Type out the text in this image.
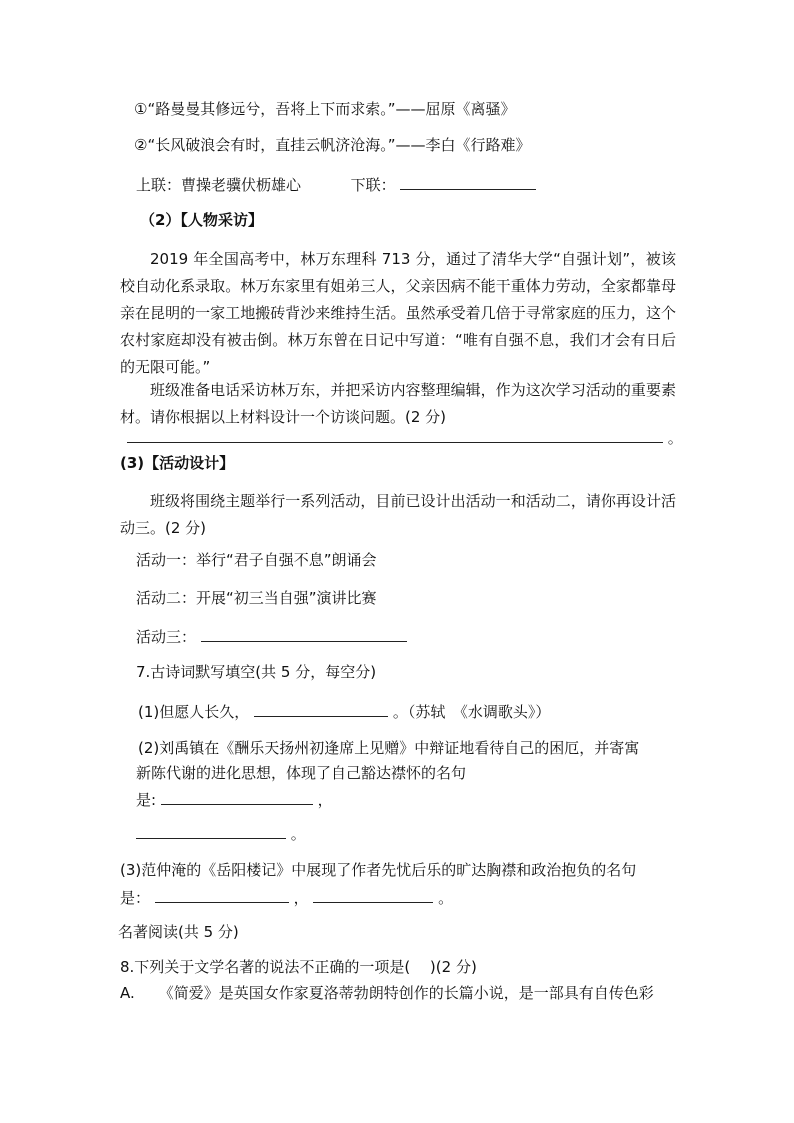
①“路曼曼其修远兮，吾将上下而求索。”——屈原《离骚》
②“长风破浪会有时，直挂云帆济沧海。”——李白《行路难》
上联：曹操老骥伏枥雄心	下联：
（2）【人物采访】
2019 年全国高考中，林万东理科 713 分，通过了清华大学“自强计划”，被该校自动化系录取。林万东家里有姐弟三人，父亲因病不能干重体力劳动，全家都靠母亲在昆明的一家工地搬砖背沙来维持生活。虽然承受着几倍于寻常家庭的压力，这个农村家庭却没有被击倒。林万东曾在日记中写道：“唯有自强不息，我们才会有日后的无限可能。”
班级准备电话采访林万东，并把采访内容整理编辑，作为这次学习活动的重要素材。请你根据以上材料设计一个访谈问题。(2 分)
。
(3)【活动设计】
班级将围绕主题举行一系列活动，目前已设计出活动一和活动二，请你再设计活动三。(2 分)
活动一：举行“君子自强不息”朗诵会
活动二：开展“初三当自强”演讲比赛
活动三：
7.古诗词默写填空(共 5 分，每空分)
(1)但愿人长久，	。（苏轼　《水调歌头》）
(2)刘禹镇在《酬乐天扬州初逢席上见赠》中辩证地看待自己的困厄，并寄寓
新陈代谢的进化思想，体现了自己豁达襟怀的名句
是:	，
。
(3)范仲淹的《岳阳楼记》中展现了作者先忧后乐的旷达胸襟和政治抱负的名句
是：	，	。
名著阅读(共 5 分)
8.下列关于文学名著的说法不正确的一项是(　 )(2 分)
A. 《简爱》是英国女作家夏洛蒂勃朗特创作的长篇小说，是一部具有自传色彩
